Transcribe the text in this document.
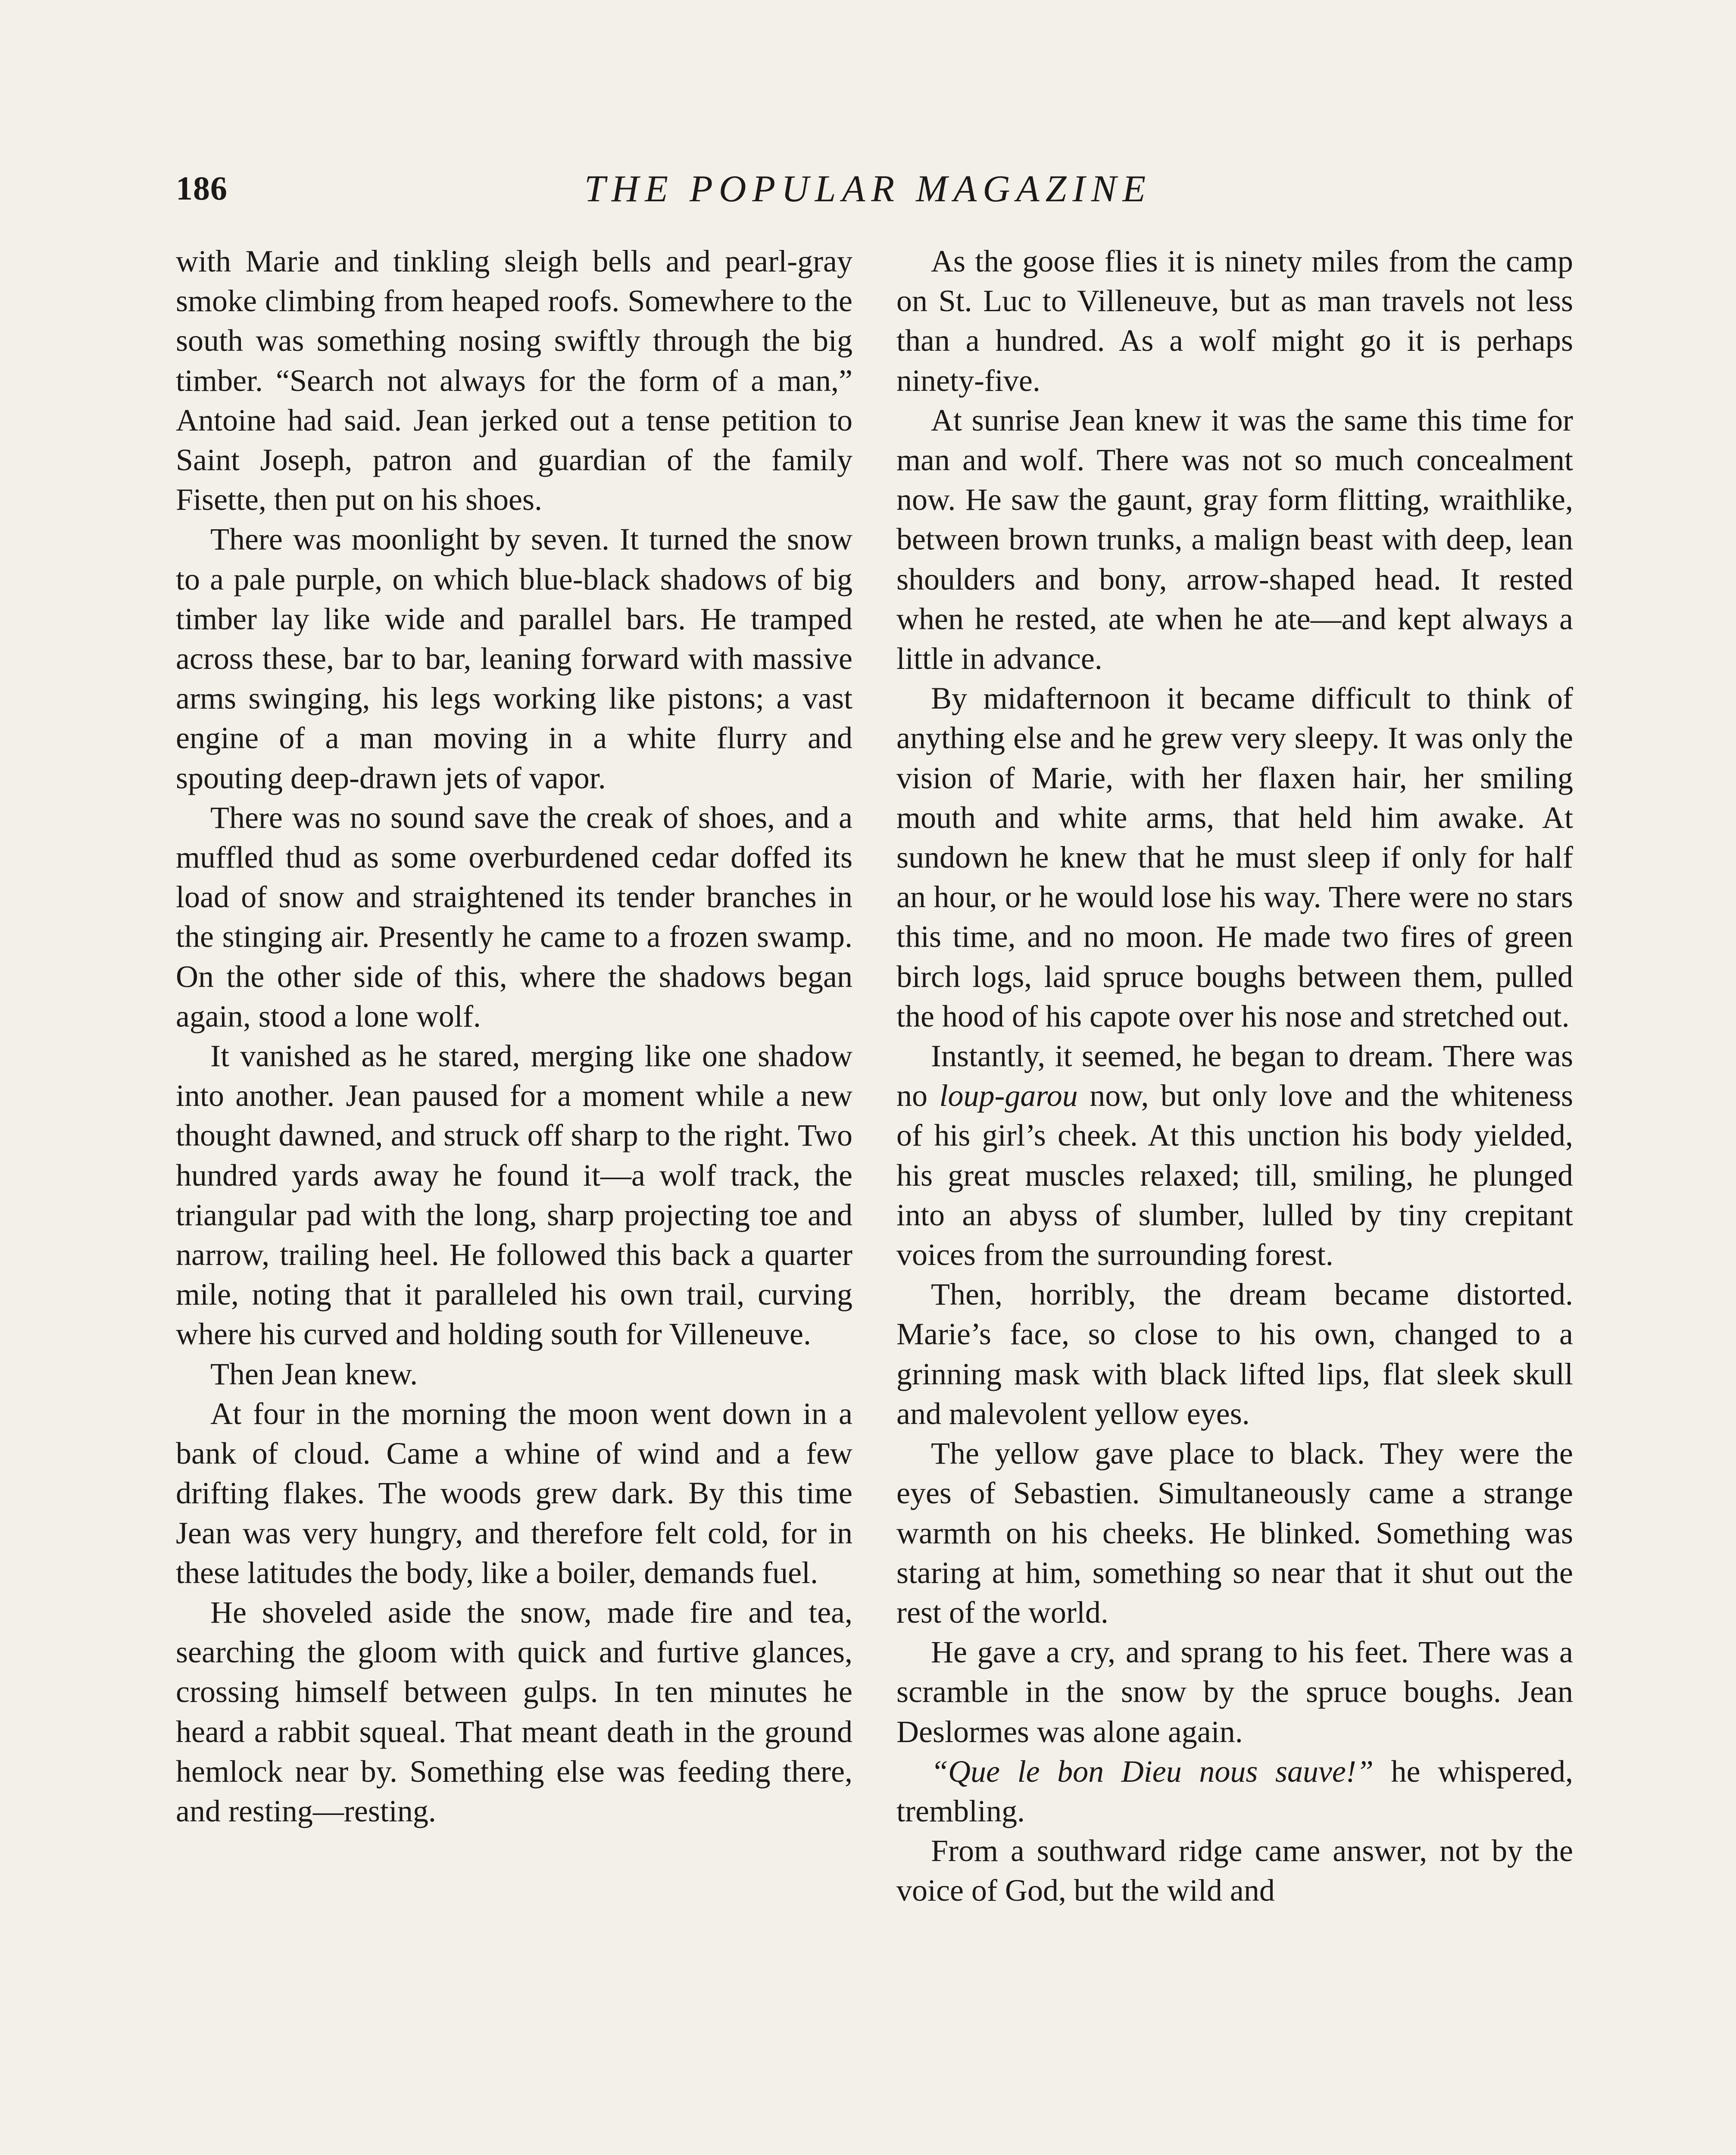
186	THE POPULAR MAGAZINE

with Marie and tinkling sleigh bells and pearl-gray smoke climbing from heaped roofs. Somewhere to the south was something nosing swiftly through the big timber. “Search not always for the form of a man,” Antoine had said. Jean jerked out a tense petition to Saint Joseph, patron and guardian of the family Fisette, then put on his shoes.

There was moonlight by seven. It turned the snow to a pale purple, on which blue-black shadows of big timber lay like wide and parallel bars. He tramped across these, bar to bar, leaning forward with massive arms swinging, his legs working like pistons; a vast engine of a man moving in a white flurry and spouting deep-drawn jets of vapor.

There was no sound save the creak of shoes, and a muffled thud as some overburdened cedar doffed its load of snow and straightened its tender branches in the stinging air. Presently he came to a frozen swamp. On the other side of this, where the shadows began again, stood a lone wolf.

It vanished as he stared, merging like one shadow into another. Jean paused for a moment while a new thought dawned, and struck off sharp to the right. Two hundred yards away he found it—a wolf track, the triangular pad with the long, sharp projecting toe and narrow, trailing heel. He followed this back a quarter mile, noting that it paralleled his own trail, curving where his curved and holding south for Villeneuve.

Then Jean knew.

At four in the morning the moon went down in a bank of cloud. Came a whine of wind and a few drifting flakes. The woods grew dark. By this time Jean was very hungry, and therefore felt cold, for in these latitudes the body, like a boiler, demands fuel.

He shoveled aside the snow, made fire and tea, searching the gloom with quick and furtive glances, crossing himself between gulps. In ten minutes he heard a rabbit squeal. That meant death in the ground hemlock near by. Something else was feeding there, and resting—resting.

As the goose flies it is ninety miles from the camp on St. Luc to Villeneuve, but as man travels not less than a hundred. As a wolf might go it is perhaps ninety-five.

At sunrise Jean knew it was the same this time for man and wolf. There was not so much concealment now. He saw the gaunt, gray form flitting, wraithlike, between brown trunks, a malign beast with deep, lean shoulders and bony, arrow-shaped head. It rested when he rested, ate when he ate—and kept always a little in advance.

By midafternoon it became difficult to think of anything else and he grew very sleepy. It was only the vision of Marie, with her flaxen hair, her smiling mouth and white arms, that held him awake. At sundown he knew that he must sleep if only for half an hour, or he would lose his way. There were no stars this time, and no moon. He made two fires of green birch logs, laid spruce boughs between them, pulled the hood of his capote over his nose and stretched out.

Instantly, it seemed, he began to dream. There was no loup-garou now, but only love and the whiteness of his girl’s cheek. At this unction his body yielded, his great muscles relaxed; till, smiling, he plunged into an abyss of slumber, lulled by tiny crepitant voices from the surrounding forest.

Then, horribly, the dream became distorted. Marie’s face, so close to his own, changed to a grinning mask with black lifted lips, flat sleek skull and malevolent yellow eyes.

The yellow gave place to black. They were the eyes of Sebastien. Simultaneously came a strange warmth on his cheeks. He blinked. Something was staring at him, something so near that it shut out the rest of the world.

He gave a cry, and sprang to his feet. There was a scramble in the snow by the spruce boughs. Jean Deslormes was alone again.

“Que le bon Dieu nous sauve!” he whispered, trembling.

From a southward ridge came answer, not by the voice of God, but the wild and
